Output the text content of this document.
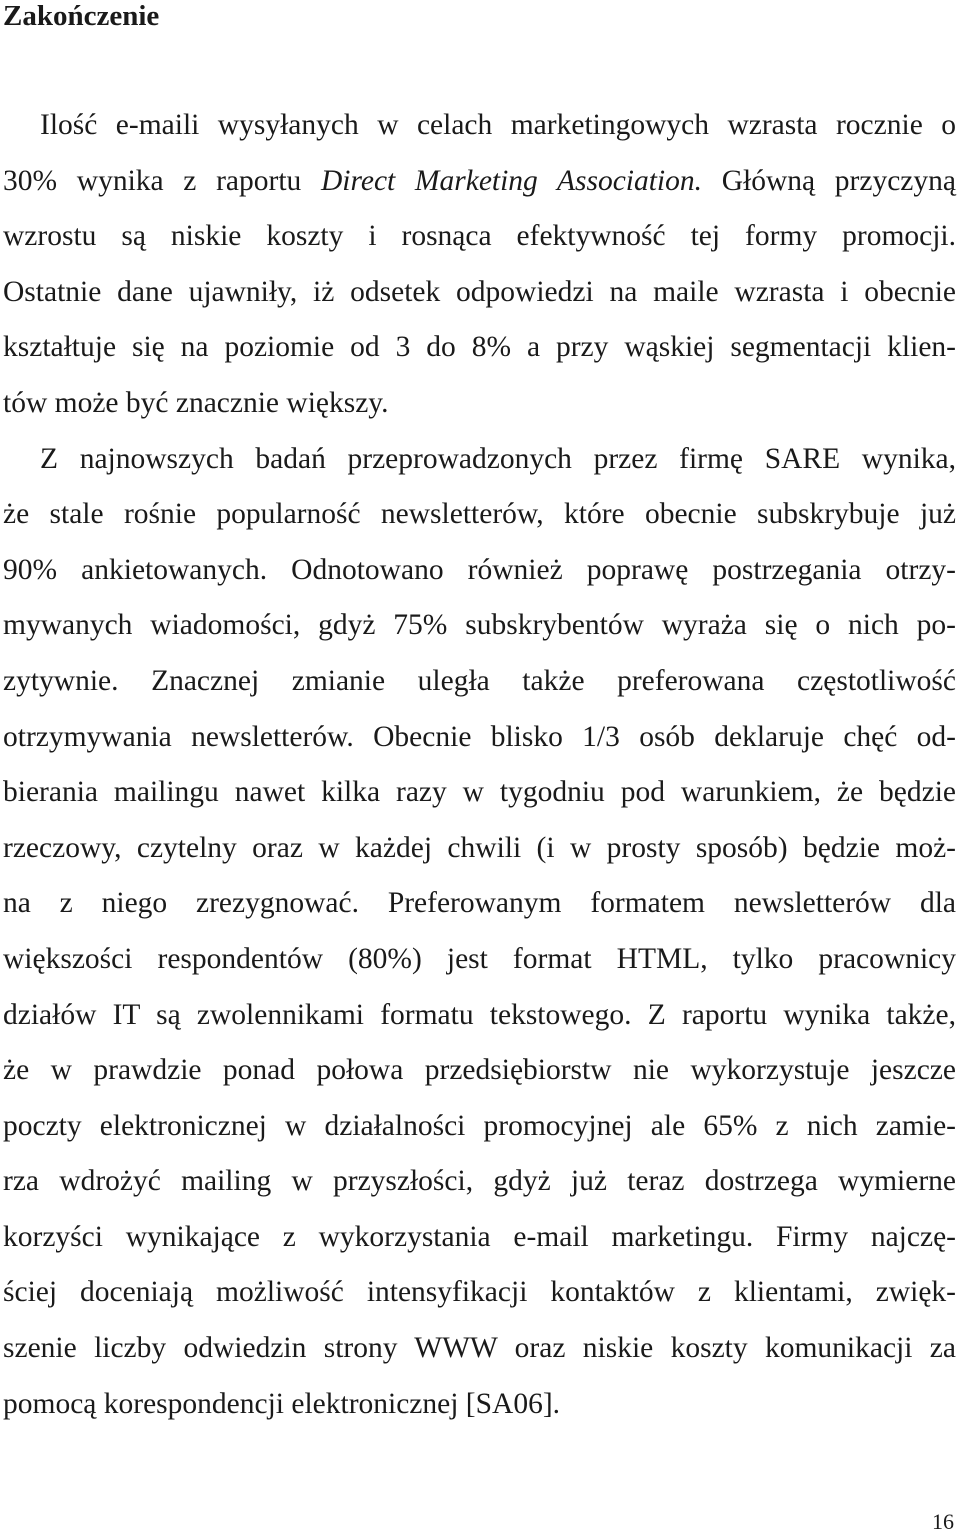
Zakończenie
Ilość e-maili wysyłanych w celach marketingowych wzrasta rocznie o
30% wynika z raportu Direct Marketing Association. Główną przyczyną
wzrostu są niskie koszty i rosnąca efektywność tej formy promocji.
Ostatnie dane ujawniły, iż odsetek odpowiedzi na maile wzrasta i obecnie
kształtuje się na poziomie od 3 do 8% a przy wąskiej segmentacji klien-
tów może być znacznie większy.
Z najnowszych badań przeprowadzonych przez firmę SARE wynika,
że stale rośnie popularność newsletterów, które obecnie subskrybuje już
90% ankietowanych. Odnotowano również poprawę postrzegania otrzy-
mywanych wiadomości, gdyż 75% subskrybentów wyraża się o nich po-
zytywnie. Znacznej zmianie uległa także preferowana częstotliwość
otrzymywania newsletterów. Obecnie blisko 1/3 osób deklaruje chęć od-
bierania mailingu nawet kilka razy w tygodniu pod warunkiem, że będzie
rzeczowy, czytelny oraz w każdej chwili (i w prosty sposób) będzie moż-
na z niego zrezygnować. Preferowanym formatem newsletterów dla
większości respondentów (80%) jest format HTML, tylko pracownicy
działów IT są zwolennikami formatu tekstowego. Z raportu wynika także,
że w prawdzie ponad połowa przedsiębiorstw nie wykorzystuje jeszcze
poczty elektronicznej w działalności promocyjnej ale 65% z nich zamie-
rza wdrożyć mailing w przyszłości, gdyż już teraz dostrzega wymierne
korzyści wynikające z wykorzystania e-mail marketingu. Firmy najczę-
ściej doceniają możliwość intensyfikacji kontaktów z klientami, zwięk-
szenie liczby odwiedzin strony WWW oraz niskie koszty komunikacji za
pomocą korespondencji elektronicznej [SA06].
16
